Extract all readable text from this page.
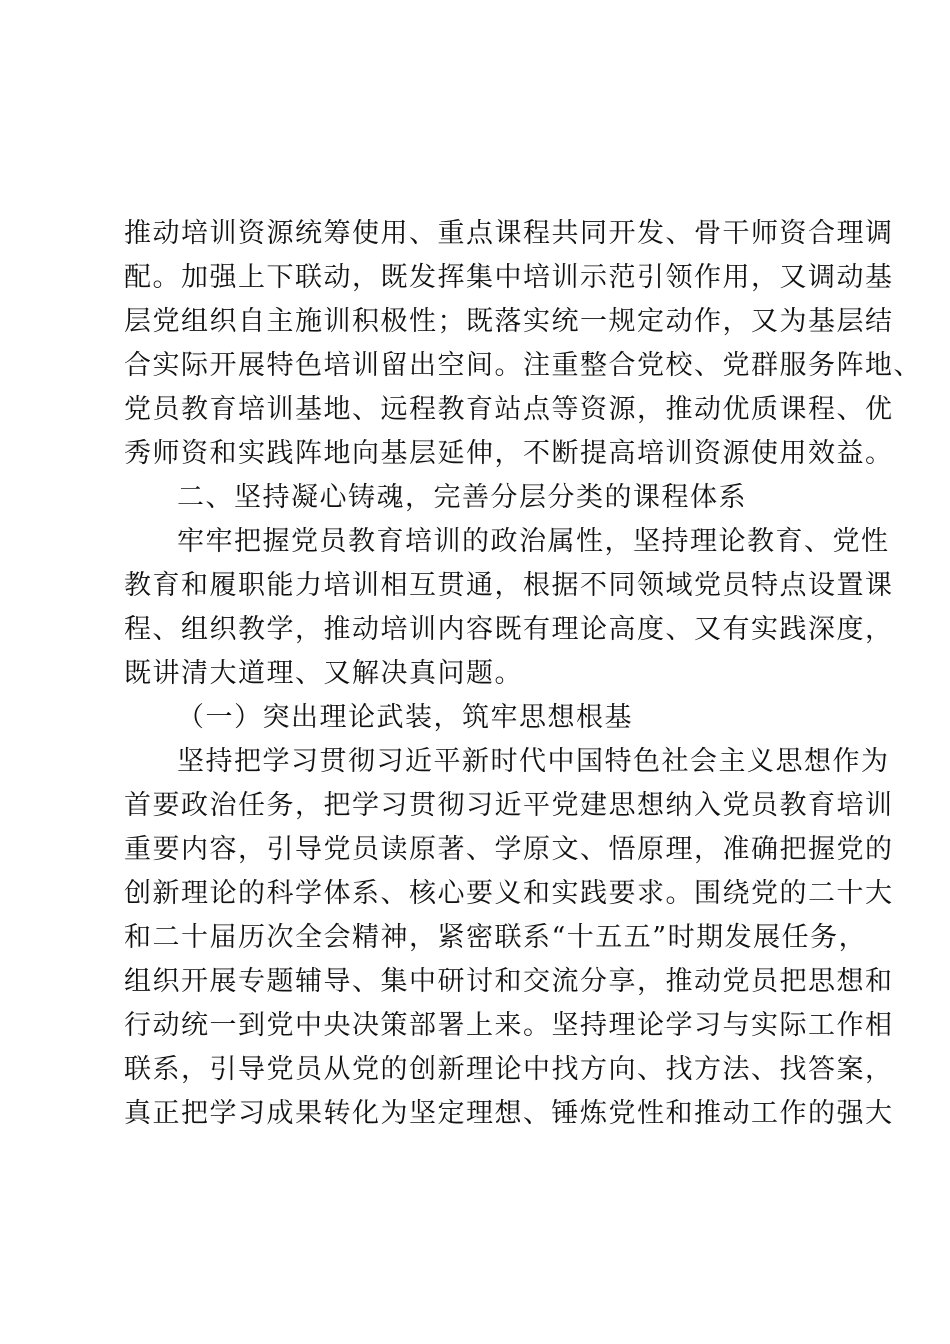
推动培训资源统筹使用、重点课程共同开发、骨干师资合理调
配。加强上下联动，既发挥集中培训示范引领作用，又调动基
层党组织自主施训积极性；既落实统一规定动作，又为基层结
合实际开展特色培训留出空间。注重整合党校、党群服务阵地、
党员教育培训基地、远程教育站点等资源，推动优质课程、优
秀师资和实践阵地向基层延伸，不断提高培训资源使用效益。
二、坚持凝心铸魂，完善分层分类的课程体系
牢牢把握党员教育培训的政治属性，坚持理论教育、党性
教育和履职能力培训相互贯通，根据不同领域党员特点设置课
程、组织教学，推动培训内容既有理论高度、又有实践深度，
既讲清大道理、又解决真问题。
（一）突出理论武装，筑牢思想根基
坚持把学习贯彻习近平新时代中国特色社会主义思想作为
首要政治任务，把学习贯彻习近平党建思想纳入党员教育培训
重要内容，引导党员读原著、学原文、悟原理，准确把握党的
创新理论的科学体系、核心要义和实践要求。围绕党的二十大
和二十届历次全会精神，紧密联系“十五五”时期发展任务，
组织开展专题辅导、集中研讨和交流分享，推动党员把思想和
行动统一到党中央决策部署上来。坚持理论学习与实际工作相
联系，引导党员从党的创新理论中找方向、找方法、找答案，
真正把学习成果转化为坚定理想、锤炼党性和推动工作的强大
